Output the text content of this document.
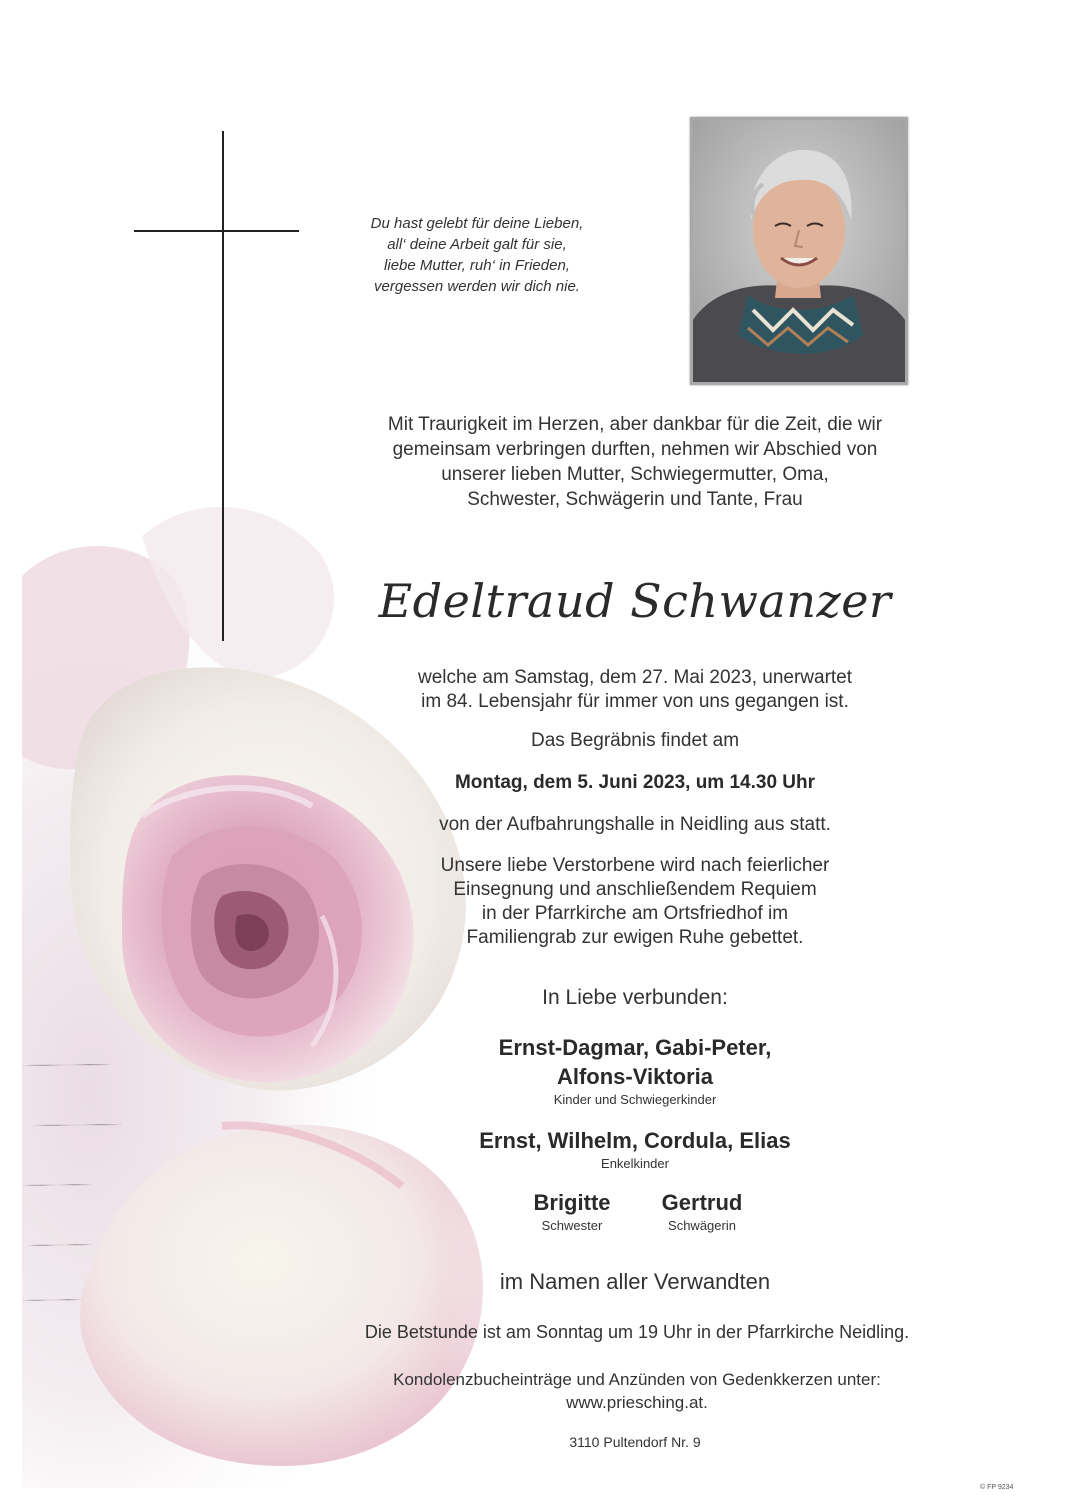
Du hast gelebt für deine Lieben,
all‘ deine Arbeit galt für sie,
liebe Mutter, ruh‘ in Frieden,
vergessen werden wir dich nie.
Mit Traurigkeit im Herzen, aber dankbar für die Zeit, die wir
gemeinsam verbringen durften, nehmen wir Abschied von
unserer lieben Mutter, Schwiegermutter, Oma,
Schwester, Schwägerin und Tante, Frau
Edeltraud Schwanzer
welche am Samstag, dem 27. Mai 2023, unerwartet
im 84. Lebensjahr für immer von uns gegangen ist.
Das Begräbnis findet am
Montag, dem 5. Juni 2023, um 14.30 Uhr
von der Aufbahrungshalle in Neidling aus statt.
Unsere liebe Verstorbene wird nach feierlicher
Einsegnung und anschließendem Requiem
in der Pfarrkirche am Ortsfriedhof im
Familiengrab zur ewigen Ruhe gebettet.
In Liebe verbunden:
Ernst-Dagmar, Gabi-Peter,
Alfons-Viktoria
Kinder und Schwiegerkinder
Ernst, Wilhelm, Cordula, Elias
Enkelkinder
Brigitte
Schwester
Gertrud
Schwägerin
im Namen aller Verwandten
Die Betstunde ist am Sonntag um 19 Uhr in der Pfarrkirche Neidling.
Kondolenzbucheinträge und Anzünden von Gedenkkerzen unter:
www.priesching.at.
3110 Pultendorf Nr. 9
© FP 9234
